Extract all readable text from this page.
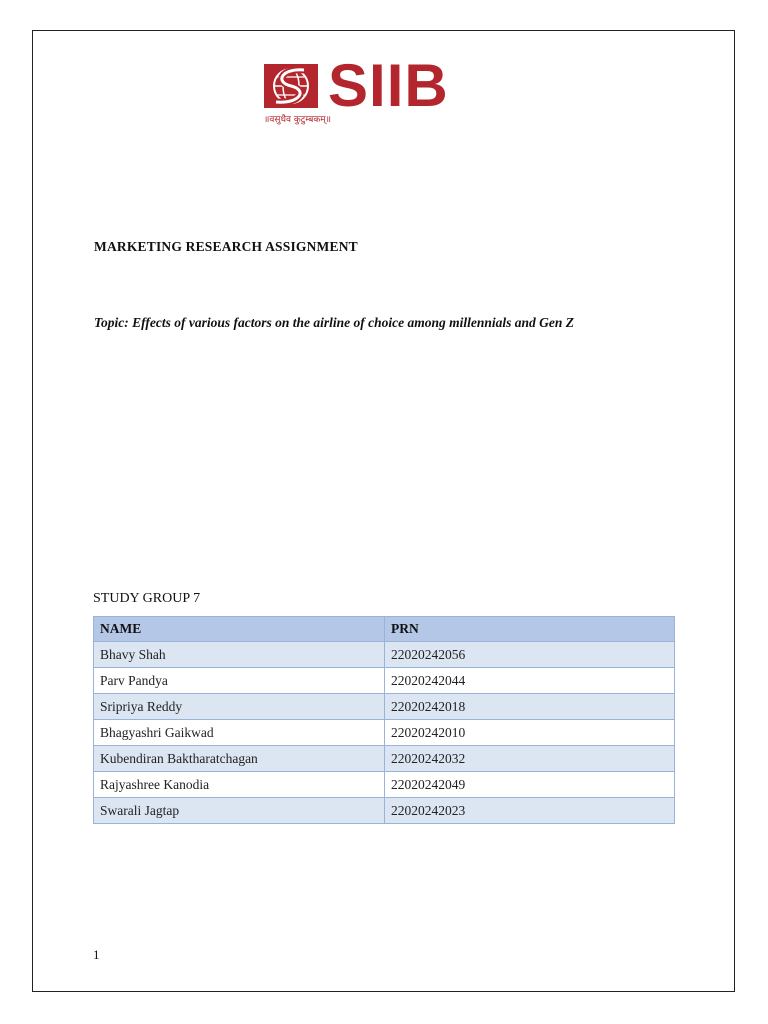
SIIB
॥वसुधैव कुटुम्बकम्॥
MARKETING RESEARCH ASSIGNMENT
Topic: Effects of various factors on the airline of choice among millennials and Gen Z
STUDY GROUP 7
NAME	PRN
Bhavy Shah	22020242056
Parv Pandya	22020242044
Sripriya Reddy	22020242018
Bhagyashri Gaikwad	22020242010
Kubendiran Baktharatchagan	22020242032
Rajyashree Kanodia	22020242049
Swarali Jagtap	22020242023
1
